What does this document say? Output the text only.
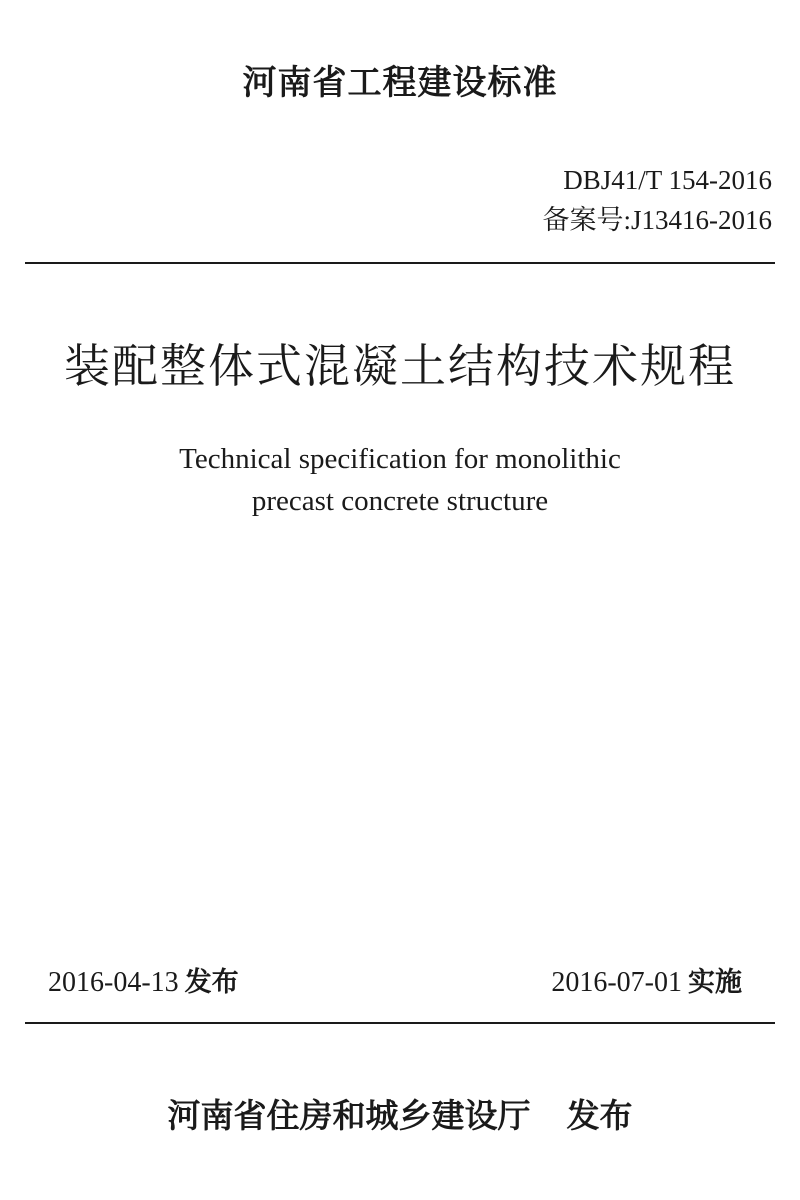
河南省工程建设标准
DBJ41/T 154-2016
备案号:J13416-2016
装配整体式混凝土结构技术规程
Technical specification for monolithic
precast concrete structure
2016-04-13 发布	2016-07-01 实施
河南省住房和城乡建设厅 发布
